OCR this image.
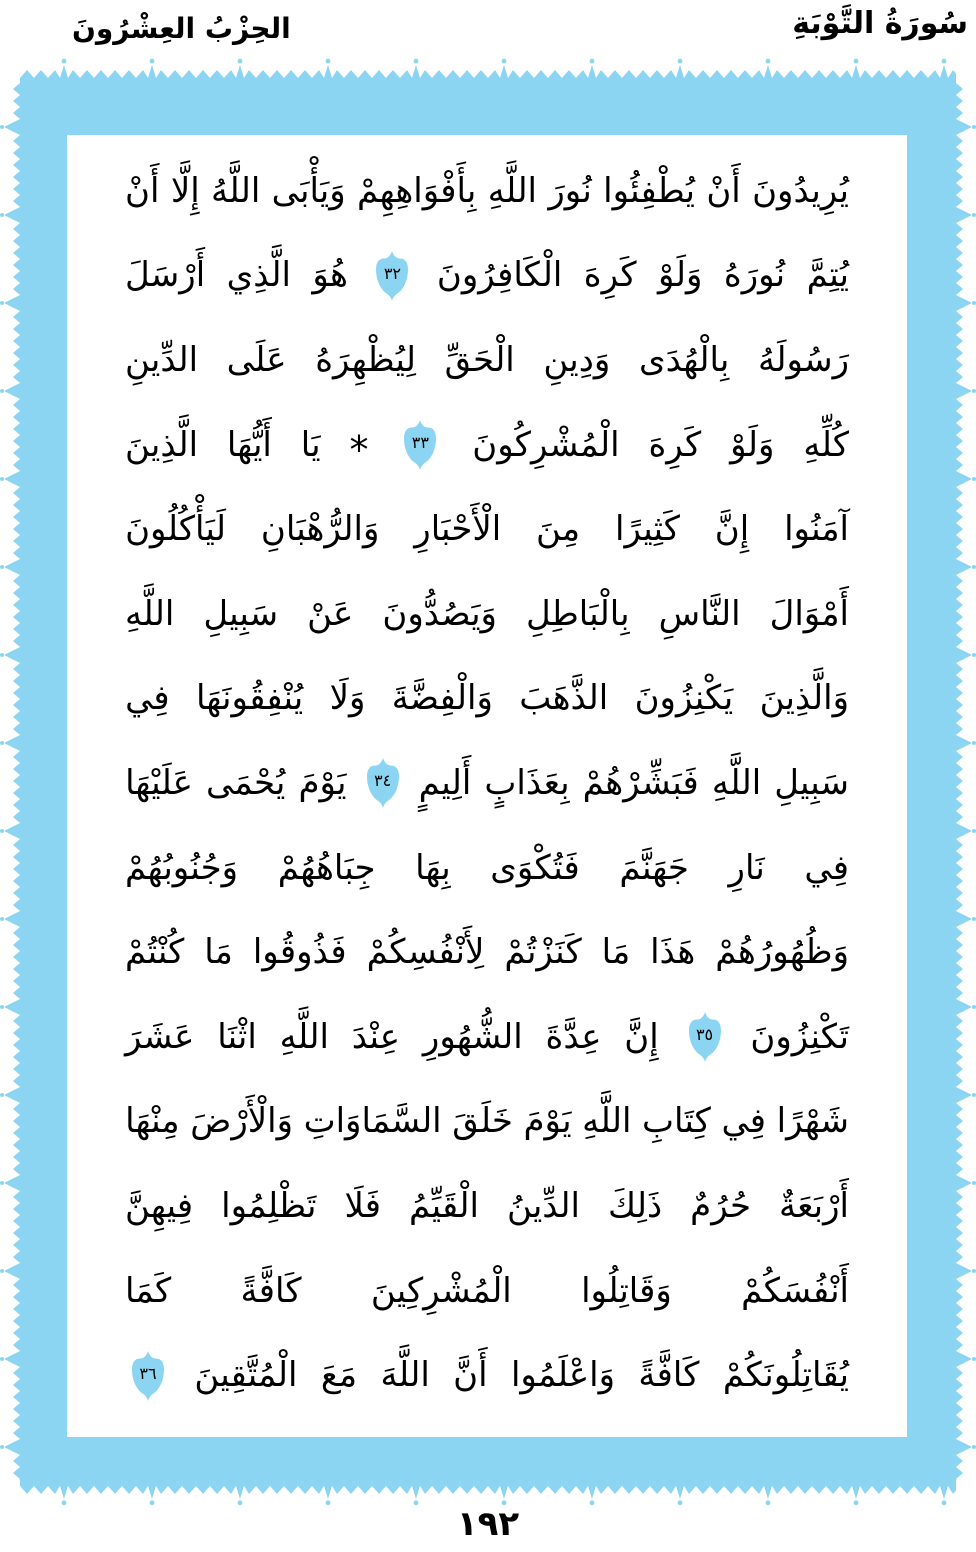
سُورَةُ التَّوْبَةِ
الحِزْبُ العِشْرُونَ
يُرِيدُونَ
أَنْ
يُطْفِئُوا
نُورَ
اللَّهِ
بِأَفْوَاهِهِمْ
وَيَأْبَى
اللَّهُ
إِلَّا
أَنْ
يُتِمَّ
نُورَهُ
وَلَوْ
كَرِهَ
الْكَافِرُونَ
٣٢
هُوَ
الَّذِي
أَرْسَلَ
رَسُولَهُ
بِالْهُدَى
وَدِينِ
الْحَقِّ
لِيُظْهِرَهُ
عَلَى
الدِّينِ
كُلِّهِ
وَلَوْ
كَرِهَ
الْمُشْرِكُونَ
٣٣
*
يَا
أَيُّهَا
الَّذِينَ
آمَنُوا
إِنَّ
كَثِيرًا
مِنَ
الْأَحْبَارِ
وَالرُّهْبَانِ
لَيَأْكُلُونَ
أَمْوَالَ
النَّاسِ
بِالْبَاطِلِ
وَيَصُدُّونَ
عَنْ
سَبِيلِ
اللَّهِ
وَالَّذِينَ
يَكْنِزُونَ
الذَّهَبَ
وَالْفِضَّةَ
وَلَا
يُنْفِقُونَهَا
فِي
سَبِيلِ
اللَّهِ
فَبَشِّرْهُمْ
بِعَذَابٍ
أَلِيمٍ
٣٤
يَوْمَ
يُحْمَى
عَلَيْهَا
فِي
نَارِ
جَهَنَّمَ
فَتُكْوَى
بِهَا
جِبَاهُهُمْ
وَجُنُوبُهُمْ
وَظُهُورُهُمْ
هَذَا
مَا
كَنَزْتُمْ
لِأَنْفُسِكُمْ
فَذُوقُوا
مَا
كُنْتُمْ
تَكْنِزُونَ
٣٥
إِنَّ
عِدَّةَ
الشُّهُورِ
عِنْدَ
اللَّهِ
اثْنَا
عَشَرَ
شَهْرًا
فِي
كِتَابِ
اللَّهِ
يَوْمَ
خَلَقَ
السَّمَاوَاتِ
وَالْأَرْضَ
مِنْهَا
أَرْبَعَةٌ
حُرُمٌ
ذَلِكَ
الدِّينُ
الْقَيِّمُ
فَلَا
تَظْلِمُوا
فِيهِنَّ
أَنْفُسَكُمْ
وَقَاتِلُوا
الْمُشْرِكِينَ
كَافَّةً
كَمَا
يُقَاتِلُونَكُمْ
كَافَّةً
وَاعْلَمُوا
أَنَّ
اللَّهَ
مَعَ
الْمُتَّقِينَ
٣٦
١٩٢
